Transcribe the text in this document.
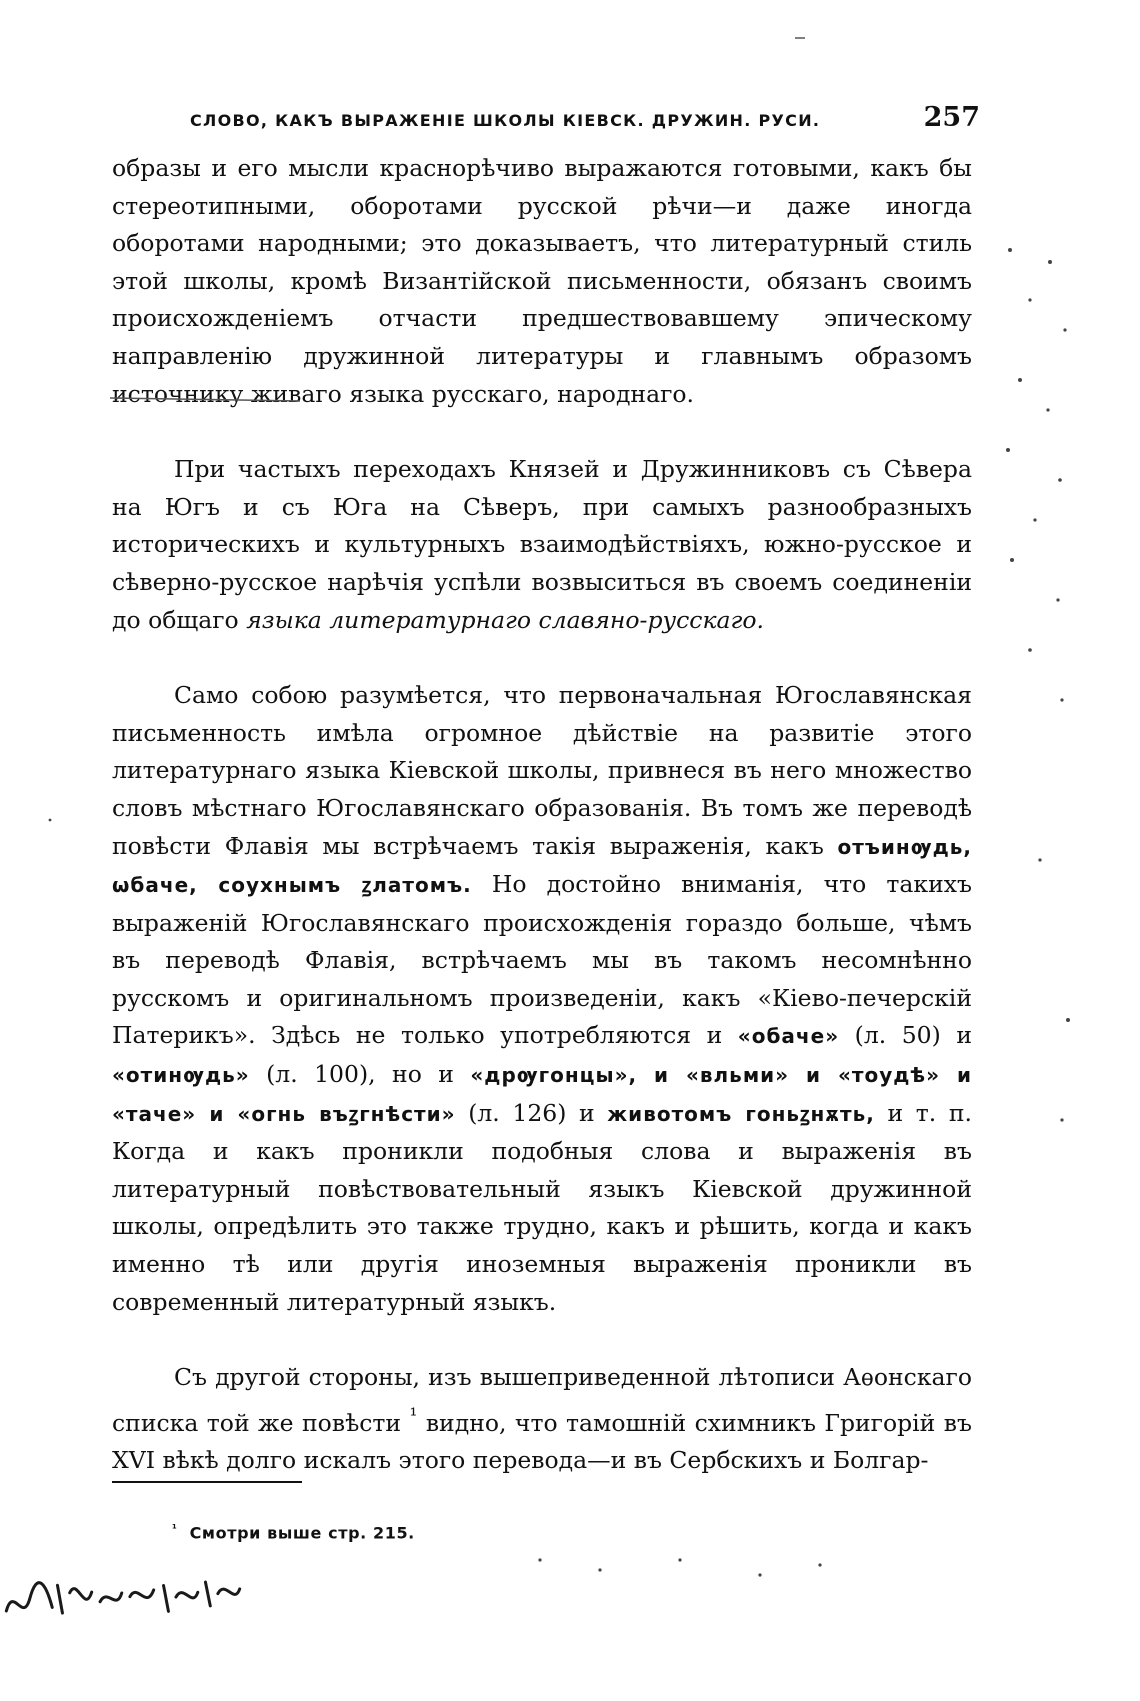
СЛОВО, КАКЪ ВЫРАЖЕНІЕ ШКОЛЫ КІЕВСК. ДРУЖИН. РУСИ.	257

образы и его мысли краснорѣчиво выражаются готовыми, какъ бы стереотипными, оборотами русской рѣчи—и даже иногда оборотами народными; это доказываетъ, что литературный стиль этой школы, кромѣ Византійской письменности, обязанъ своимъ происхожденіемъ отчасти предшествовавшему эпическому направленію дружинной литературы и главнымъ образомъ источнику живаго языка русскаго, народнаго.

При частыхъ переходахъ Князей и Дружинниковъ съ Сѣвера на Югъ и съ Юга на Сѣверъ, при самыхъ разнообразныхъ историческихъ и культурныхъ взаимодѣйствіяхъ, южно-русское и сѣверно-русское нарѣчія успѣли возвыситься въ своемъ соединеніи до общаго языка литературнаго славяно-русскаго.

Само собою разумѣется, что первоначальная Югославянская письменность имѣла огромное дѣйствіе на развитіе этого литературнаго языка Кіевской школы, привнеся въ него множество словъ мѣстнаго Югославянскаго образованія. Въ томъ же переводѣ повѣсти Флавія мы встрѣчаемъ такія выраженія, какъ отъинѹдь, ѡбаче, соухнымъ ꙁлатомъ. Но достойно вниманія, что такихъ выраженій Югославянскаго происхожденія гораздо больше, чѣмъ въ переводѣ Флавія, встрѣчаемъ мы въ такомъ несомнѣнно русскомъ и оригинальномъ произведеніи, какъ «Кіево-печерскій Патерикъ». Здѣсь не только употребляются и «обаче» (л. 50) и «отинѹдь» (л. 100), но и «дрѹгонцы», и «вльми» и «тоудѣ» и «таче» и «огнь въꙁгнѣсти» (л. 126) и животомъ гоньꙁнѫть, и т. п. Когда и какъ проникли подобныя слова и выраженія въ литературный повѣствовательный языкъ Кіевской дружинной школы, опредѣлить это также трудно, какъ и рѣшить, когда и какъ именно тѣ или другія иноземныя выраженія проникли въ современный литературный языкъ.

Съ другой стороны, изъ вышеприведенной лѣтописи Аѳонскаго списка той же повѣсти $^{^1}$ видно, что тамошній схимникъ Григорій въ XVI вѣкѣ долго искалъ этого перевода—и въ Сербскихъ и Болгар-

$^{^1}$ Смотри выше стр. 215.
